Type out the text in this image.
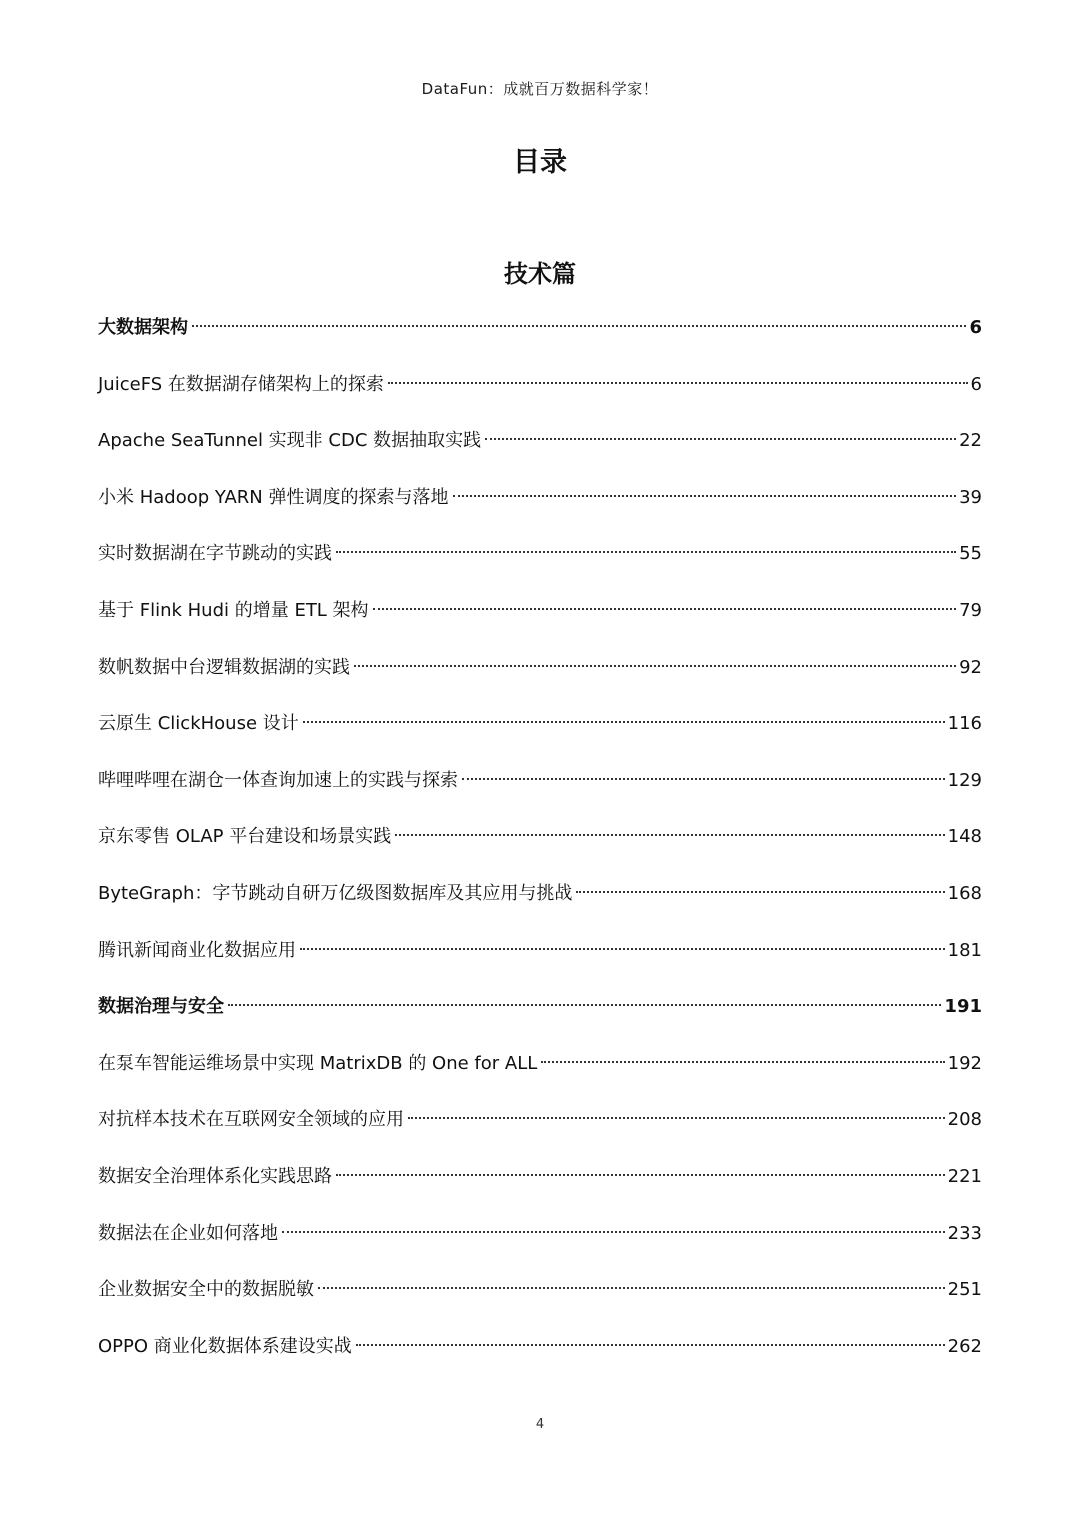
DataFun：成就百万数据科学家！
目录
技术篇
大数据架构	6
JuiceFS 在数据湖存储架构上的探索	6
Apache SeaTunnel 实现非 CDC 数据抽取实践	22
小米 Hadoop YARN 弹性调度的探索与落地	39
实时数据湖在字节跳动的实践	55
基于 Flink Hudi 的增量 ETL 架构	79
数帆数据中台逻辑数据湖的实践	92
云原生 ClickHouse 设计	116
哔哩哔哩在湖仓一体查询加速上的实践与探索	129
京东零售 OLAP 平台建设和场景实践	148
ByteGraph：字节跳动自研万亿级图数据库及其应用与挑战	168
腾讯新闻商业化数据应用	181
数据治理与安全	191
在泵车智能运维场景中实现 MatrixDB 的 One for ALL	192
对抗样本技术在互联网安全领域的应用	208
数据安全治理体系化实践思路	221
数据法在企业如何落地	233
企业数据安全中的数据脱敏	251
OPPO 商业化数据体系建设实战	262
4
